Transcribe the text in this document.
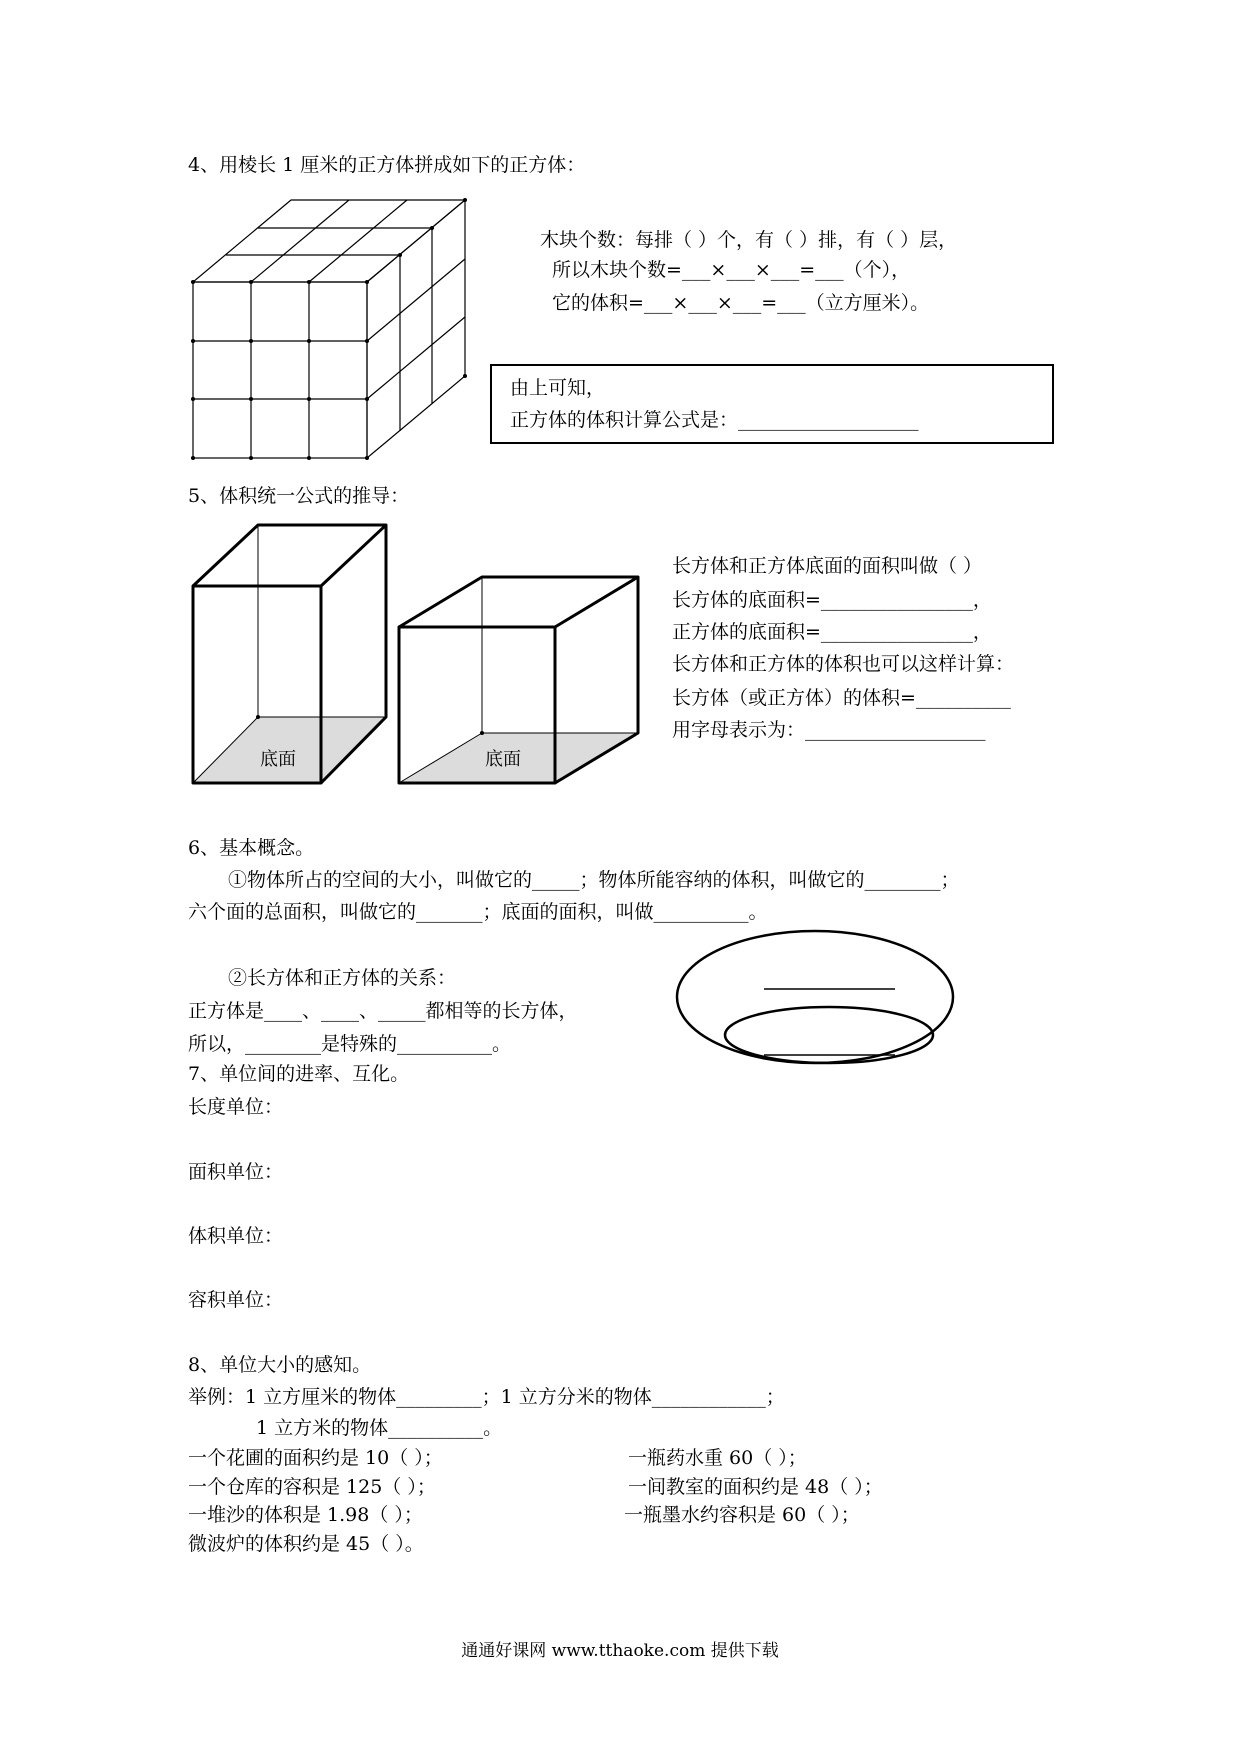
4、用棱长 1 厘米的正方体拼成如下的正方体：
木块个数：每排（ ）个，有（ ）排，有（ ）层，
所以木块个数=___×___×___=___（个），
它的体积=___×___×___=___（立方厘米）。
由上可知，
正方体的体积计算公式是：___________________
5、体积统一公式的推导：
底面	底面
长方体和正方体底面的面积叫做（ ）
长方体的底面积=________________，
正方体的底面积=________________，
长方体和正方体的体积也可以这样计算：
长方体（或正方体）的体积=__________
用字母表示为：___________________
6、基本概念。
①物体所占的空间的大小，叫做它的_____；物体所能容纳的体积，叫做它的________；
六个面的总面积，叫做它的_______；底面的面积，叫做__________。
②长方体和正方体的关系：
正方体是____、____、_____都相等的长方体，
所以，________是特殊的__________。
7、单位间的进率、互化。
长度单位：
面积单位：
体积单位：
容积单位：
8、单位大小的感知。
举例：1 立方厘米的物体_________；1 立方分米的物体____________；
1 立方米的物体__________。
一个花圃的面积约是 10（ ）；
一个仓库的容积是 125（ ）；
一堆沙的体积是 1.98（ ）；
微波炉的体积约是 45（ ）。
一瓶药水重 60（ ）；
一间教室的面积约是 48（ ）；
一瓶墨水约容积是 60（ ）；
通通好课网 www.tthaoke.com 提供下载
